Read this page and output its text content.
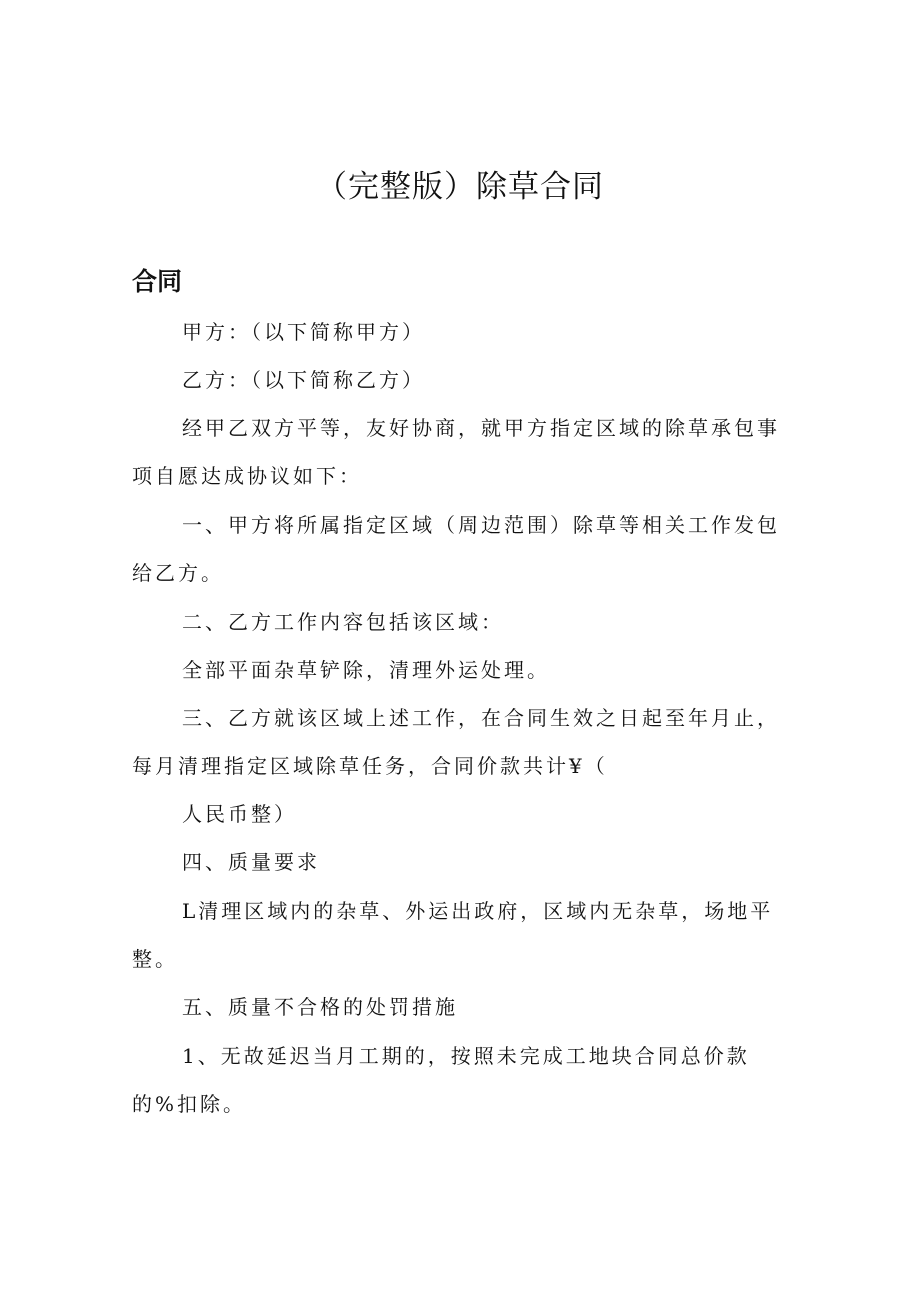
（完整版）除草合同
合同

甲方：（以下简称甲方）

乙方：（以下简称乙方）

经甲乙双方平等，友好协商，就甲方指定区域的除草承包事

项自愿达成协议如下：

一、甲方将所属指定区域（周边范围）除草等相关工作发包

给乙方。

二、乙方工作内容包括该区域：

全部平面杂草铲除，清理外运处理。

三、乙方就该区域上述工作，在合同生效之日起至年月止，

每月清理指定区域除草任务，合同价款共计¥（

人民币整）

四、质量要求

L清理区域内的杂草、外运出政府，区域内无杂草，场地平

整。

五、质量不合格的处罚措施

1、无故延迟当月工期的，按照未完成工地块合同总价款

的%扣除。
